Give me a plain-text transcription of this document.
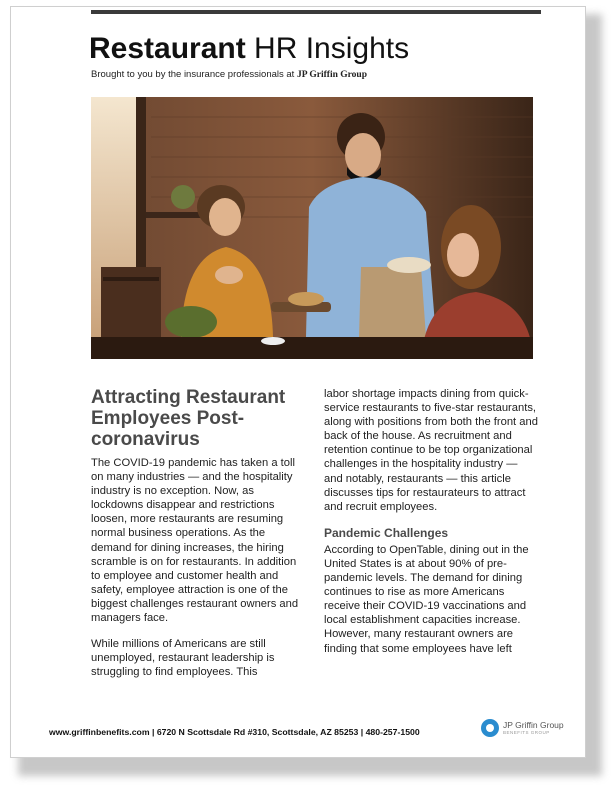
Restaurant HR Insights
Brought to you by the insurance professionals at JP Griffin Group
Attracting Restaurant Employees Post-coronavirus

The COVID-19 pandemic has taken a toll on many industries — and the hospitality industry is no exception. Now, as lockdowns disappear and restrictions loosen, more restaurants are resuming normal business operations. As the demand for dining increases, the hiring scramble is on for restaurants. In addition to employee and customer health and safety, employee attraction is one of the biggest challenges restaurant owners and managers face.

While millions of Americans are still unemployed, restaurant leadership is struggling to find employees. This

labor shortage impacts dining from quick-service restaurants to five-star restaurants, along with positions from both the front and back of the house. As recruitment and retention continue to be top organizational challenges in the hospitality industry — and notably, restaurants — this article discusses tips for restaurateurs to attract and recruit employees.

Pandemic Challenges

According to OpenTable, dining out in the United States is at about 90% of pre-pandemic levels. The demand for dining continues to rise as more Americans receive their COVID-19 vaccinations and local establishment capacities increase. However, many restaurant owners are finding that some employees have left

www.griffinbenefits.com | 6720 N Scottsdale Rd #310, Scottsdale, AZ 85253 | 480-257-1500
JP Griffin Group
BENEFITS GROUP
